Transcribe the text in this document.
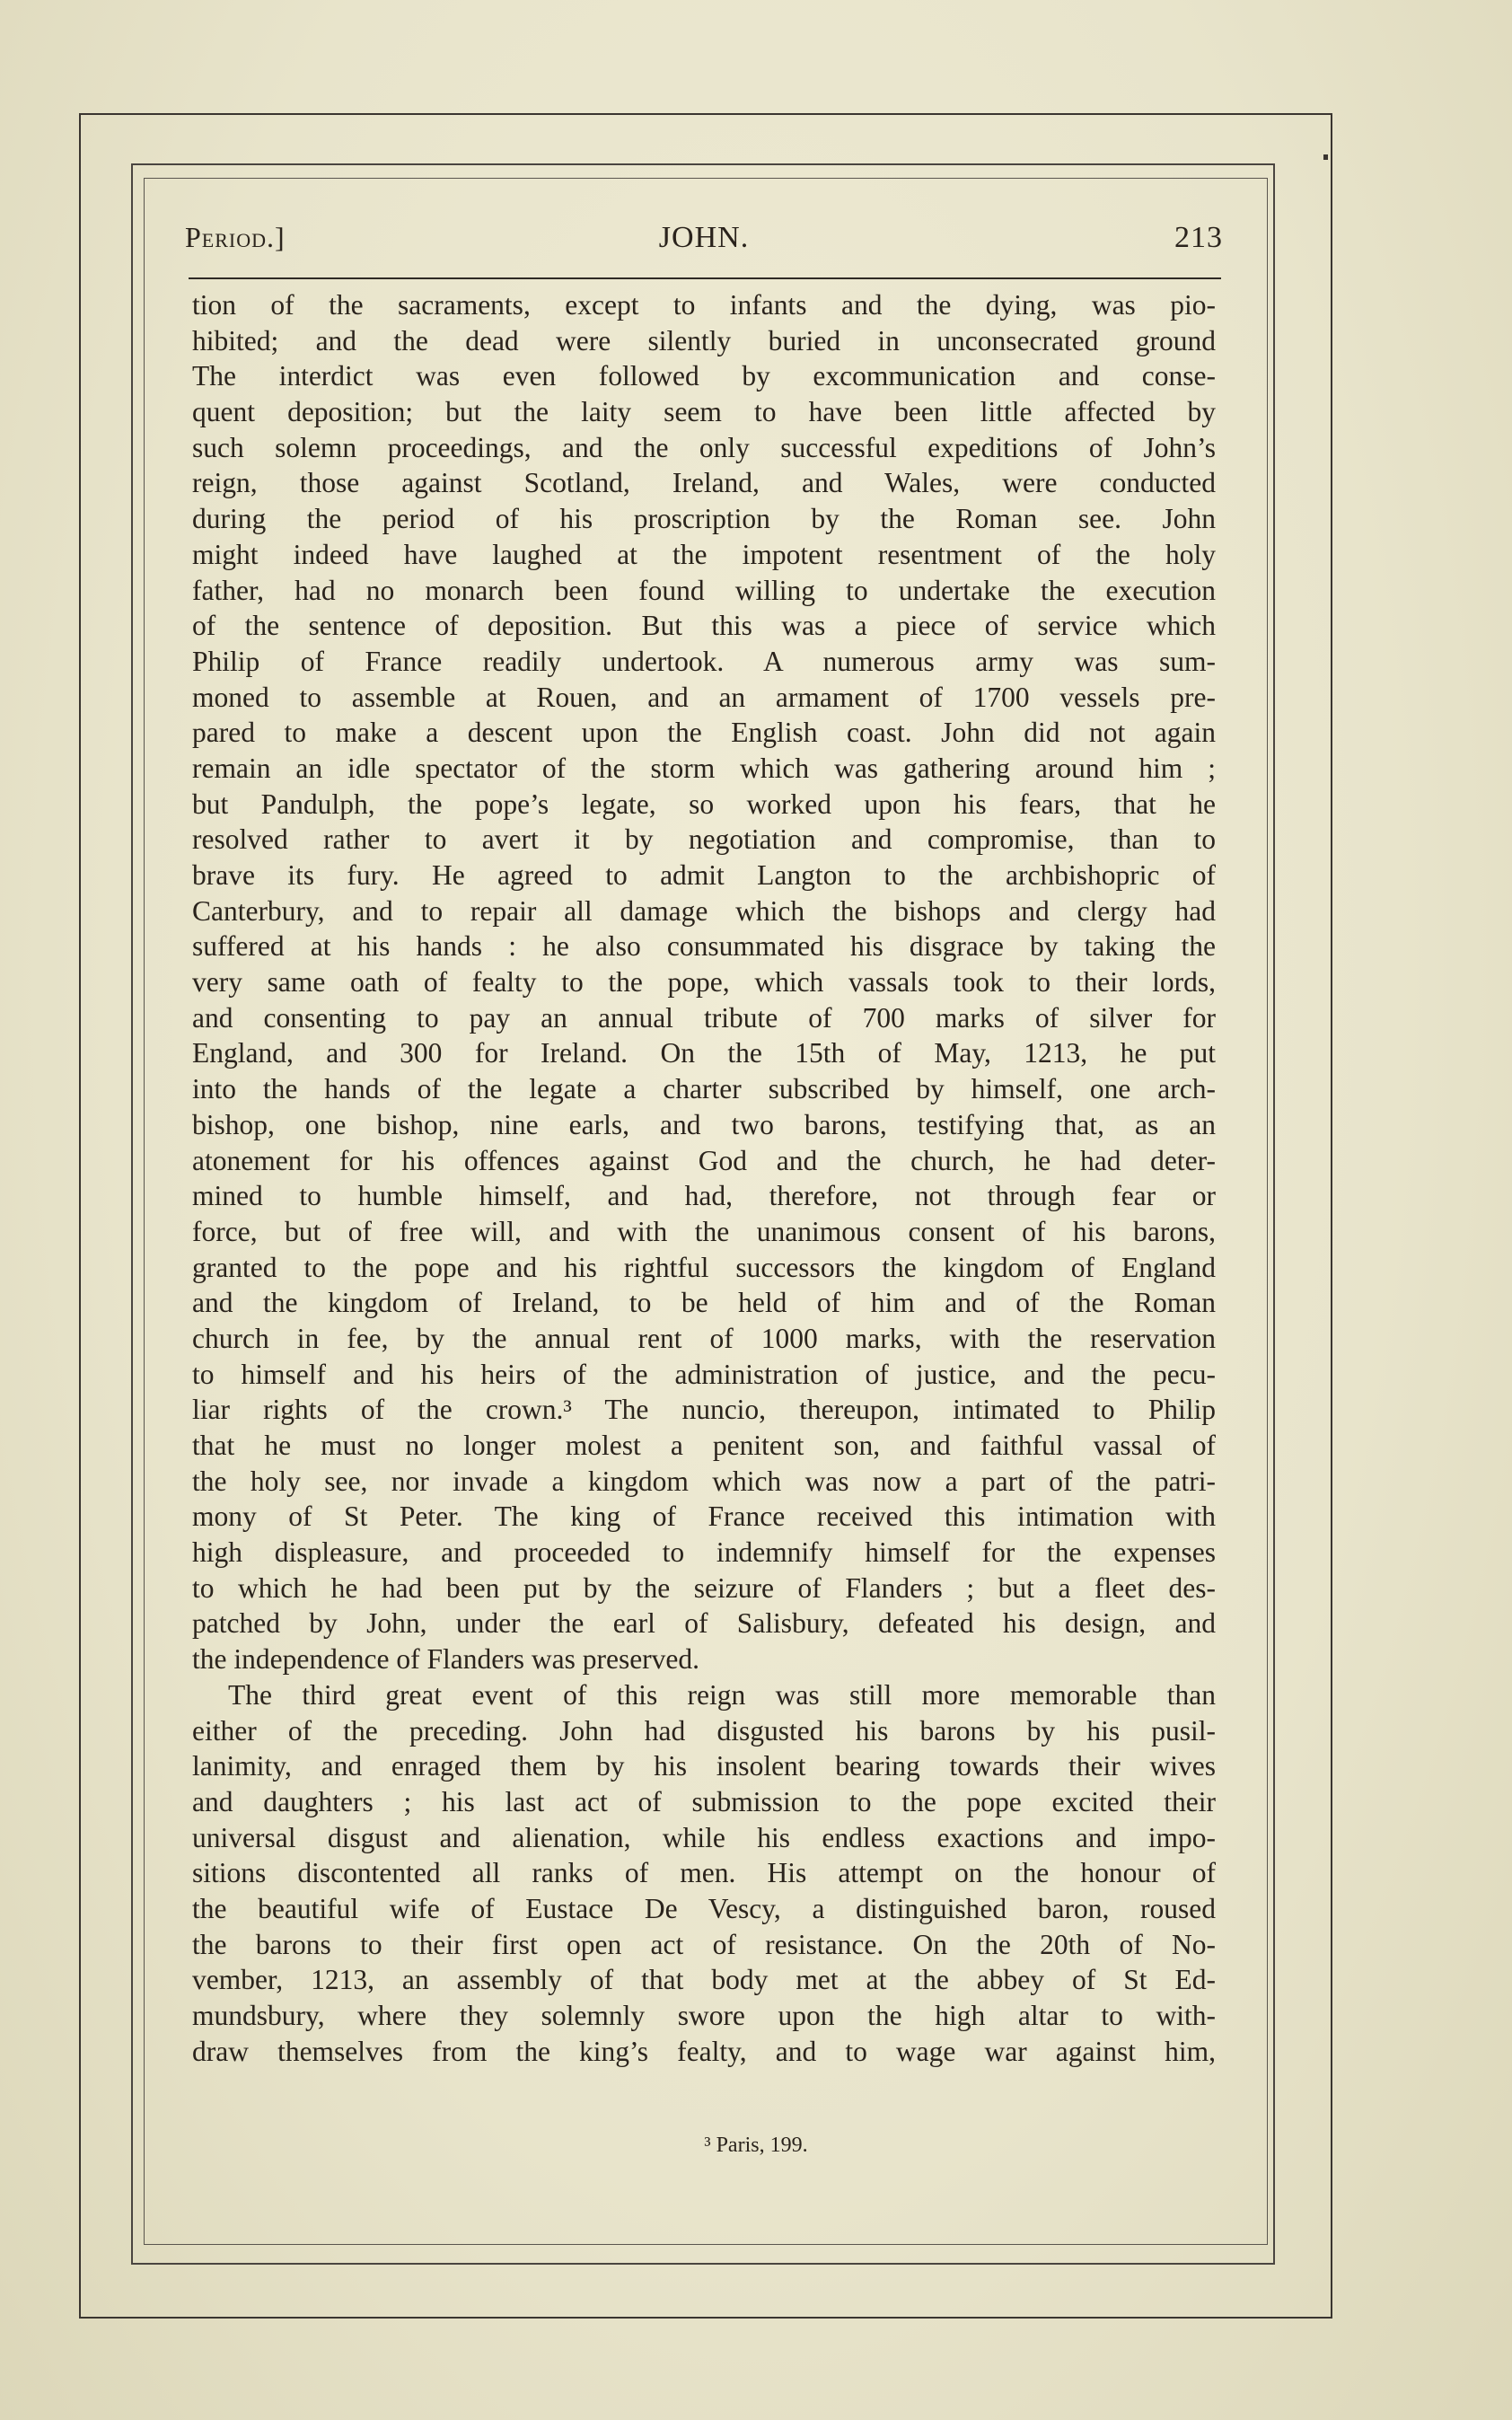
Period.]	JOHN.	213
tion of the sacraments, except to infants and the dying, was pio-
hibited; and the dead were silently buried in unconsecrated ground
The interdict was even followed by excommunication and conse-
quent deposition; but the laity seem to have been little affected by
such solemn proceedings, and the only successful expeditions of John’s
reign, those against Scotland, Ireland, and Wales, were conducted
during the period of his proscription by the Roman see. John
might indeed have laughed at the impotent resentment of the holy
father, had no monarch been found willing to undertake the execution
of the sentence of deposition. But this was a piece of service which
Philip of France readily undertook. A numerous army was sum-
moned to assemble at Rouen, and an armament of 1700 vessels pre-
pared to make a descent upon the English coast. John did not again
remain an idle spectator of the storm which was gathering around him ;
but Pandulph, the pope’s legate, so worked upon his fears, that he
resolved rather to avert it by negotiation and compromise, than to
brave its fury. He agreed to admit Langton to the archbishopric of
Canterbury, and to repair all damage which the bishops and clergy had
suffered at his hands : he also consummated his disgrace by taking the
very same oath of fealty to the pope, which vassals took to their lords,
and consenting to pay an annual tribute of 700 marks of silver for
England, and 300 for Ireland. On the 15th of May, 1213, he put
into the hands of the legate a charter subscribed by himself, one arch-
bishop, one bishop, nine earls, and two barons, testifying that, as an
atonement for his offences against God and the church, he had deter-
mined to humble himself, and had, therefore, not through fear or
force, but of free will, and with the unanimous consent of his barons,
granted to the pope and his rightful successors the kingdom of England
and the kingdom of Ireland, to be held of him and of the Roman
church in fee, by the annual rent of 1000 marks, with the reservation
to himself and his heirs of the administration of justice, and the pecu-
liar rights of the crown.³ The nuncio, thereupon, intimated to Philip
that he must no longer molest a penitent son, and faithful vassal of
the holy see, nor invade a kingdom which was now a part of the patri-
mony of St Peter. The king of France received this intimation with
high displeasure, and proceeded to indemnify himself for the expenses
to which he had been put by the seizure of Flanders ; but a fleet des-
patched by John, under the earl of Salisbury, defeated his design, and
the independence of Flanders was preserved.
The third great event of this reign was still more memorable than
either of the preceding. John had disgusted his barons by his pusil-
lanimity, and enraged them by his insolent bearing towards their wives
and daughters ; his last act of submission to the pope excited their
universal disgust and alienation, while his endless exactions and impo-
sitions discontented all ranks of men. His attempt on the honour of
the beautiful wife of Eustace De Vescy, a distinguished baron, roused
the barons to their first open act of resistance. On the 20th of No-
vember, 1213, an assembly of that body met at the abbey of St Ed-
mundsbury, where they solemnly swore upon the high altar to with-
draw themselves from the king’s fealty, and to wage war against him,
³ Paris, 199.
